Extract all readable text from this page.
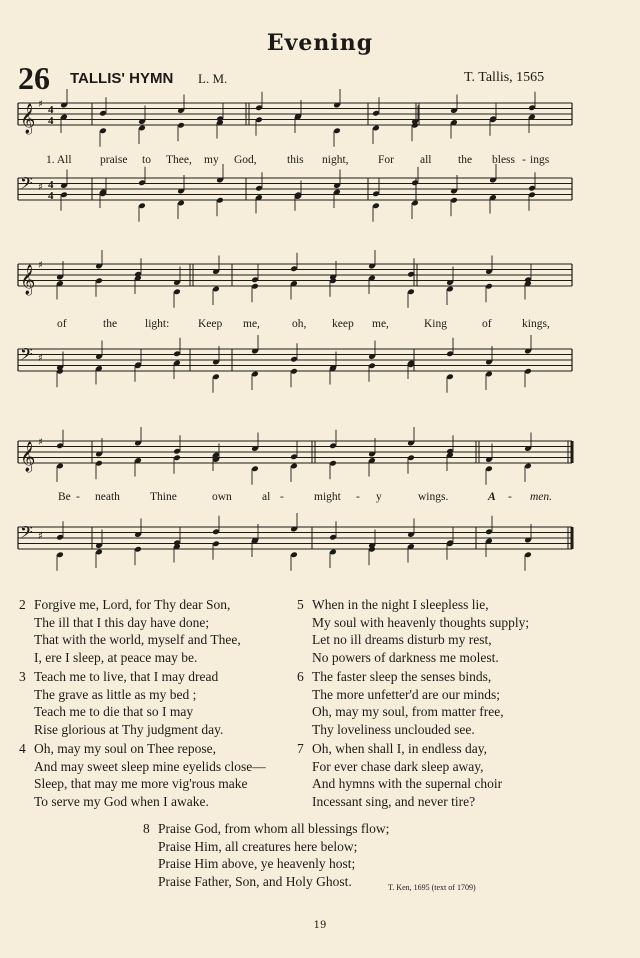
Evening
26 TALLIS' HYMN L. M.	T. Tallis, 1565
𝄞 ♯ 4
4
𝄢 ♯ 4
4
𝄞 ♯
𝄢 ♯
𝄞 ♯
𝄢 ♯
1. All praise to Thee, my God,	this night,	For all the bless - ings
of	the light: Keep me,	oh, keep me,	King	of	kings,
Be - neath	Thine	own	al -	might - y	wings.	A - men.
2 Forgive me, Lord, for Thy dear Son,
The ill that I this day have done;
That with the world, myself and Thee,
I, ere I sleep, at peace may be.
3 Teach me to live, that I may dread
The grave as little as my bed ;
Teach me to die that so I may
Rise glorious at Thy judgment day.
4 Oh, may my soul on Thee repose,
And may sweet sleep mine eyelids close—
Sleep, that may me more vig'rous make
To serve my God when I awake.
5 When in the night I sleepless lie,
My soul with heavenly thoughts supply;
Let no ill dreams disturb my rest,
No powers of darkness me molest.
6 The faster sleep the senses binds,
The more unfetter'd are our minds;
Oh, may my soul, from matter free,
Thy loveliness unclouded see.
7 Oh, when shall I, in endless day,
For ever chase dark sleep away,
And hymns with the supernal choir
Incessant sing, and never tire?
8 Praise God, from whom all blessings flow;
Praise Him, all creatures here below;
Praise Him above, ye heavenly host;
Praise Father, Son, and Holy Ghost.	T. Ken, 1695 (text of 1709)
19
